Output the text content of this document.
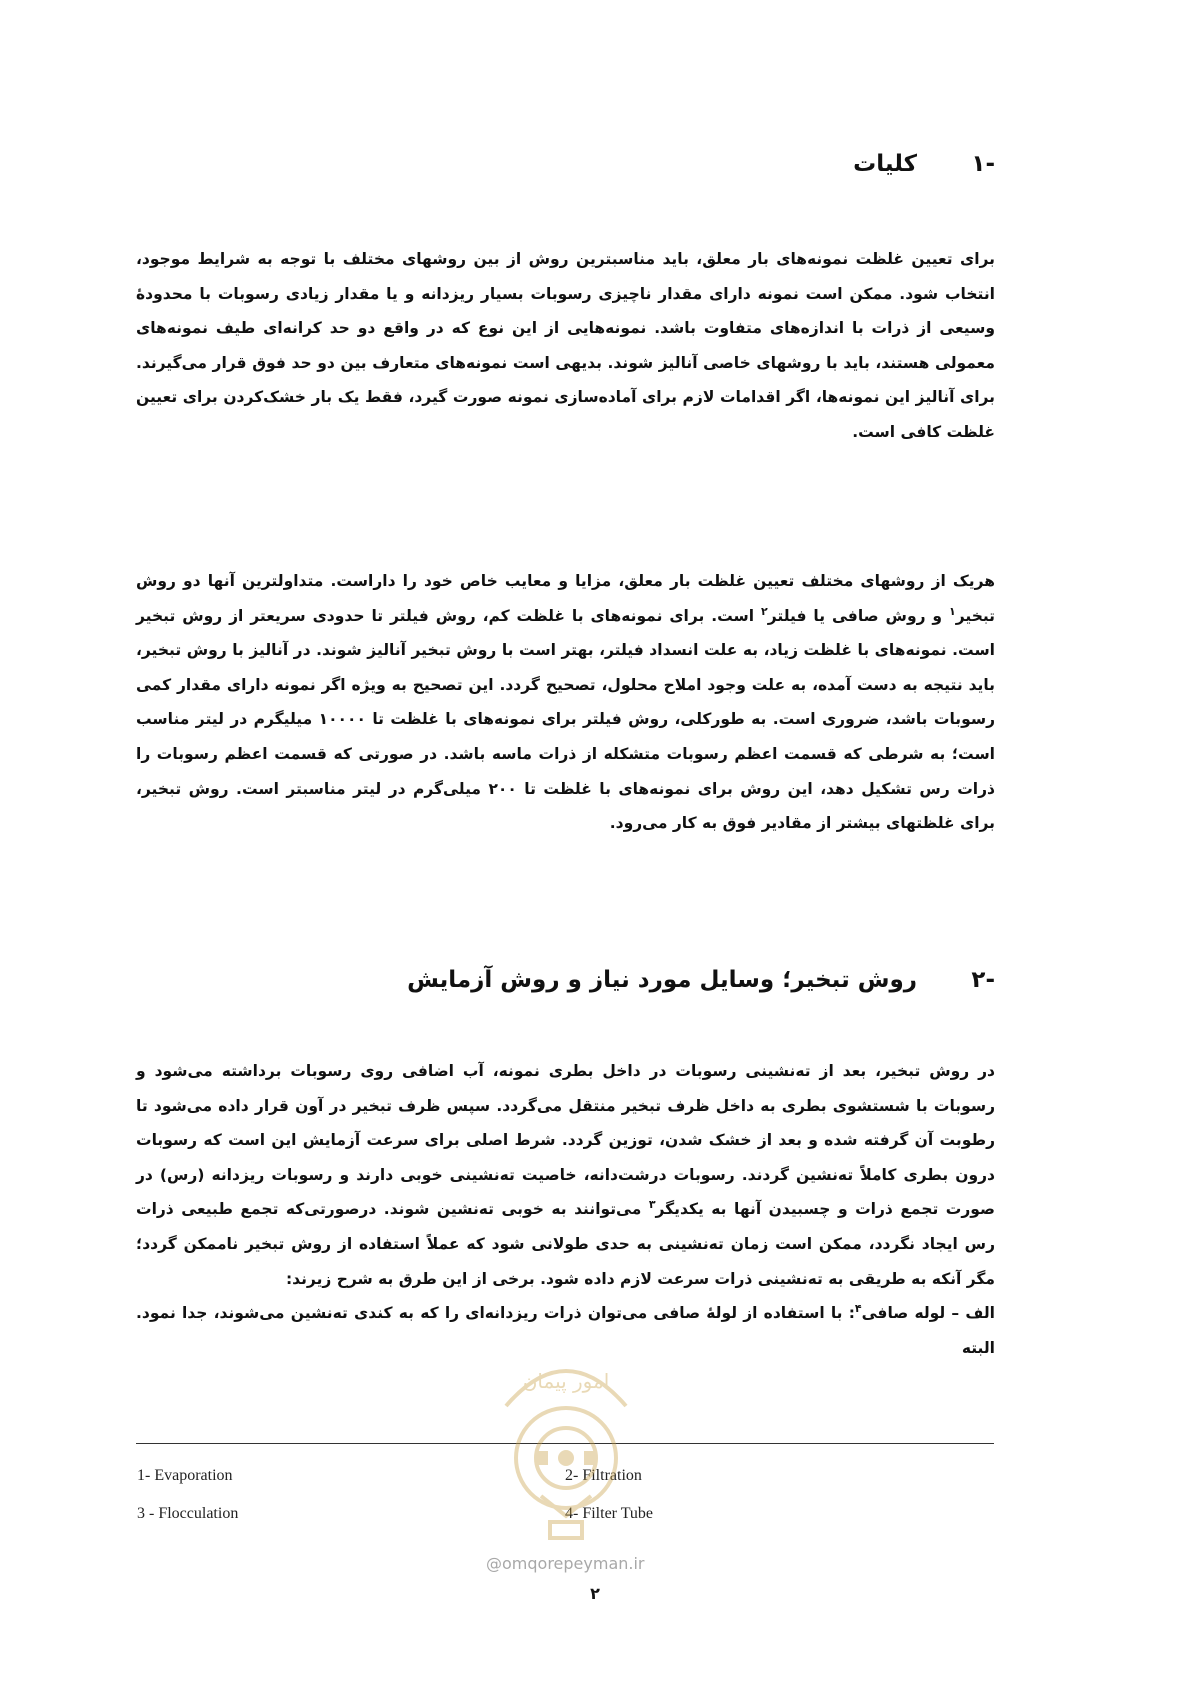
-۱کلیات

برای تعیین غلظت نمونه‌های بار معلق، باید مناسبترین روش از بین روشهای مختلف با توجه به شرایط موجود، انتخاب شود. ممکن است نمونه دارای مقدار ناچیزی رسوبات بسیار ریزدانه و یا مقدار زیادی رسوبات با محدودهٔ وسیعی از ذرات با اندازه‌های متفاوت باشد. نمونه‌هایی از این نوع که در واقع دو حد کرانه‌ای طیف نمونه‌های معمولی هستند، باید با روشهای خاصی آنالیز شوند. بدیهی است نمونه‌های متعارف بین دو حد فوق قرار می‌گیرند. برای آنالیز این نمونه‌ها، اگر اقدامات لازم برای آماده‌سازی نمونه صورت گیرد، فقط یک بار خشک‌کردن برای تعیین غلظت کافی است.

هریک از روشهای مختلف تعیین غلظت بار معلق، مزایا و معایب خاص خود را داراست. متداولترین آنها دو روش تبخیر$^۱$ و روش صافی یا فیلتر$^۲$ است. برای نمونه‌های با غلظت کم، روش فیلتر تا حدودی سریعتر از روش تبخیر است. نمونه‌های با غلظت زیاد، به علت انسداد فیلتر، بهتر است با روش تبخیر آنالیز شوند. در آنالیز با روش تبخیر، باید نتیجه به دست آمده، به علت وجود املاح محلول، تصحیح گردد. این تصحیح به ویژه اگر نمونه دارای مقدار کمی رسوبات باشد، ضروری است. به طورکلی، روش فیلتر برای نمونه‌های با غلظت تا ۱۰۰۰۰ میلیگرم در لیتر مناسب است؛ به شرطی که قسمت اعظم رسوبات متشکله از ذرات ماسه باشد. در صورتی که قسمت اعظم رسوبات را ذرات رس تشکیل دهد، این روش برای نمونه‌های با غلظت تا ۲۰۰ میلی‌گرم در لیتر مناسبتر است. روش تبخیر، برای غلظتهای بیشتر از مقادیر فوق به کار می‌رود.

-۲روش تبخیر؛ وسایل مورد نیاز و روش آزمایش

در روش تبخیر، بعد از ته‌نشینی رسوبات در داخل بطری نمونه، آب اضافی روی رسوبات برداشته می‌شود و رسوبات با شستشوی بطری به داخل ظرف تبخیر منتقل می‌گردد. سپس ظرف تبخیر در آون قرار داده می‌شود تا رطوبت آن گرفته شده و بعد از خشک شدن، توزین گردد. شرط اصلی برای سرعت آزمایش این است که رسوبات درون بطری کاملاً ته‌نشین گردند. رسوبات درشت‌دانه، خاصیت ته‌نشینی خوبی دارند و رسوبات ریزدانه (رس) در صورت تجمع ذرات و چسبیدن آنها به یکدیگر$^۳$ می‌توانند به خوبی ته‌نشین شوند. درصورتی‌که تجمع طبیعی ذرات رس ایجاد نگردد، ممکن است زمان ته‌نشینی به حدی طولانی شود که عملاً استفاده از روش تبخیر ناممکن گردد؛ مگر آنکه به طریقی به ته‌نشینی ذرات سرعت لازم داده شود. برخی از این طرق به شرح زیرند:
الف – لوله صافی$^۴$: با استفاده از لولهٔ صافی می‌توان ذرات ریزدانه‌ای را که به کندی ته‌نشین می‌شوند، جدا نمود. البته

1- Evaporation	2- Filtration
3 - Flocculation	4- Filter Tube
امور پیمان
@omqorepeyman.ir
۲
